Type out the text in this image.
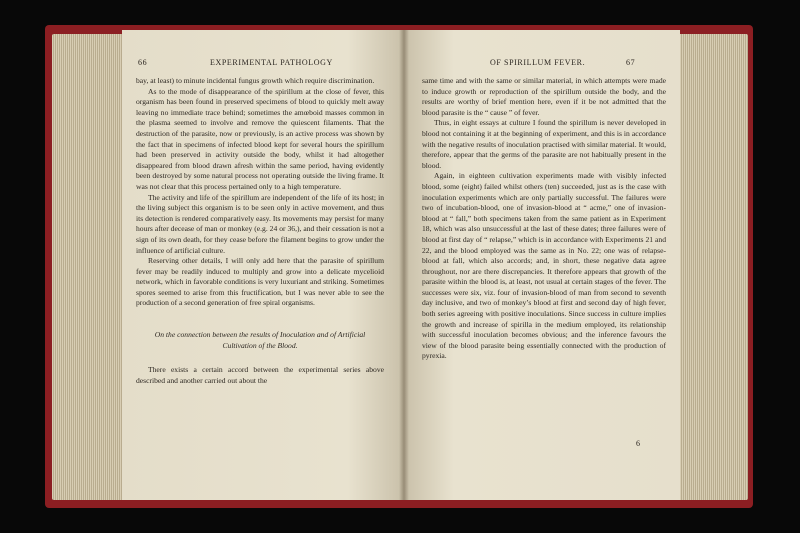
66	EXPERIMENTAL PATHOLOGY

bay, at least) to minute incidental fungus growth which require discrimination.

As to the mode of disappearance of the spirillum at the close of fever, this organism has been found in preserved specimens of blood to quickly melt away leaving no immediate trace behind; sometimes the amœboid masses common in the plasma seemed to involve and remove the quiescent filaments. That the destruction of the parasite, now or previously, is an active process was shown by the fact that in specimens of infected blood kept for several hours the spirillum had been preserved in activity outside the body, whilst it had altogether disappeared from blood drawn afresh within the same period, having evidently been destroyed by some natural process not operating outside the living frame. It was not clear that this process pertained only to a high temperature.

The activity and life of the spirillum are independent of the life of its host; in the living subject this organism is to be seen only in active movement, and thus its detection is rendered comparatively easy. Its movements may persist for many hours after decease of man or monkey (e.g. 24 or 36,), and their cessation is not a sign of its own death, for they cease before the filament begins to grow under the influence of artificial culture.

Reserving other details, I will only add here that the parasite of spirillum fever may be readily induced to multiply and grow into a delicate mycelioid network, which in favorable conditions is very luxuriant and striking. Sometimes spores seemed to arise from this fructification, but I was never able to see the production of a second generation of free spiral organisms.

On the connection between the results of Inoculation and of Artificial Cultivation of the Blood.

There exists a certain accord between the experimental series above described and another carried out about the

OF SPIRILLUM FEVER.	67

same time and with the same or similar material, in which attempts were made to induce growth or reproduction of the spirillum outside the body, and the results are worthy of brief mention here, even if it be not admitted that the blood parasite is the “ cause ” of fever.

Thus, in eight essays at culture I found the spirillum is never developed in blood not containing it at the beginning of experiment, and this is in accordance with the negative results of inoculation practised with similar material. It would, therefore, appear that the germs of the parasite are not habitually present in the blood.

Again, in eighteen cultivation experiments made with visibly infected blood, some (eight) failed whilst others (ten) succeeded, just as is the case with inoculation experiments which are only partially successful. The failures were two of incubation-blood, one of invasion-blood at “ acme,” one of invasion-blood at “ fall,” both specimens taken from the same patient as in Experiment 18, which was also unsuccessful at the last of these dates; three failures were of blood at first day of “ relapse,” which is in accordance with Experiments 21 and 22, and the blood employed was the same as in No. 22; one was of relapse-blood at fall, which also accords; and, in short, these negative data agree throughout, nor are there discrepancies. It therefore appears that growth of the parasite within the blood is, at least, not usual at certain stages of the fever. The successes were six, viz. four of invasion-blood of man from second to seventh day inclusive, and two of monkey’s blood at first and second day of high fever, both series agreeing with positive inoculations. Since success in culture implies the growth and increase of spirilla in the medium employed, its relationship with successful inoculation becomes obvious; and the inference favours the view of the blood parasite being essentially connected with the production of pyrexia.

6
